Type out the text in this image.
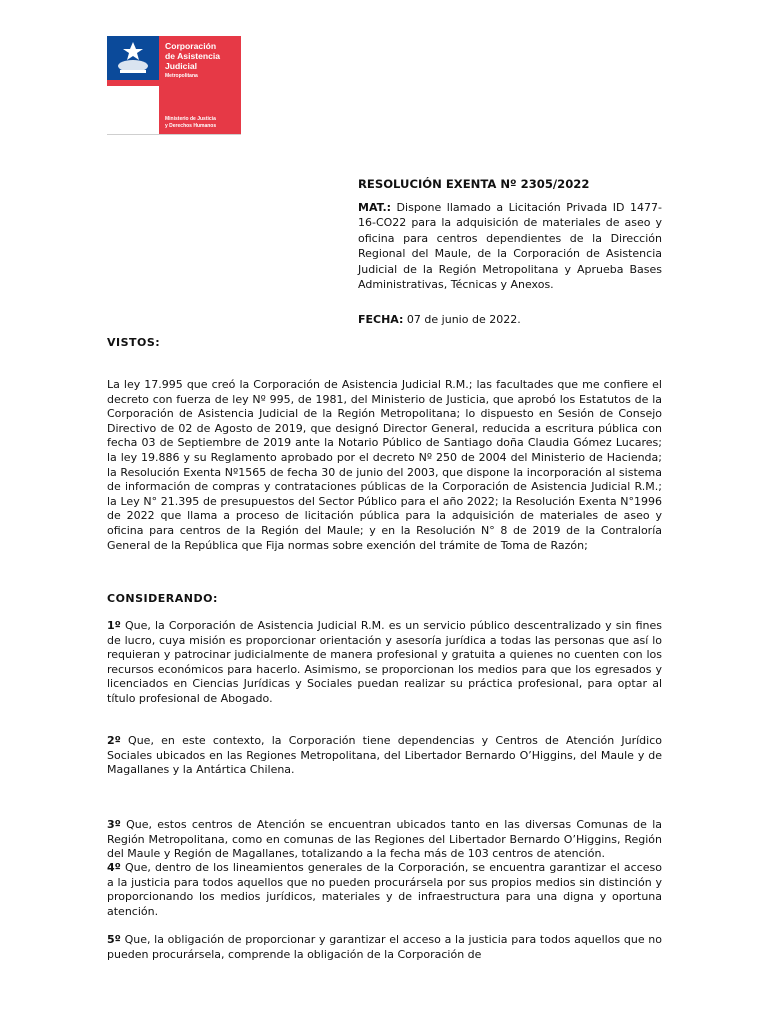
Corporación
de Asistencia
Judicial
Metropolitana
Ministerio de Justicia
y Derechos Humanos
RESOLUCIÓN EXENTA Nº 2305/2022
MAT.: Dispone llamado a Licitación Privada ID 1477-16-CO22 para la adquisición de materiales de aseo y oficina para centros dependientes de la Dirección Regional del Maule, de la Corporación de Asistencia Judicial de la Región Metropolitana y Aprueba Bases Administrativas, Técnicas y Anexos.
FECHA: 07 de junio de 2022.
VISTOS:

La ley 17.995 que creó la Corporación de Asistencia Judicial R.M.; las facultades que me confiere el decreto con fuerza de ley Nº 995, de 1981, del Ministerio de Justicia, que aprobó los Estatutos de la Corporación de Asistencia Judicial de la Región Metropolitana; lo dispuesto en Sesión de Consejo Directivo de 02 de Agosto de 2019, que designó Director General, reducida a escritura pública con fecha 03 de Septiembre de 2019 ante la Notario Público de Santiago doña Claudia Gómez Lucares; la ley 19.886 y su Reglamento aprobado por el decreto Nº 250 de 2004 del Ministerio de Hacienda; la Resolución Exenta Nº1565 de fecha 30 de junio del 2003, que dispone la incorporación al sistema de información de compras y contrataciones públicas de la Corporación de Asistencia Judicial R.M.; la Ley N° 21.395 de presupuestos del Sector Público para el año 2022; la Resolución Exenta N°1996 de 2022 que llama a proceso de licitación pública para la adquisición de materiales de aseo y oficina para centros de la Región del Maule; y en la Resolución N° 8 de 2019 de la Contraloría General de la República que Fija normas sobre exención del trámite de Toma de Razón;

CONSIDERANDO:

1º Que, la Corporación de Asistencia Judicial R.M. es un servicio público descentralizado y sin fines de lucro, cuya misión es proporcionar orientación y asesoría jurídica a todas las personas que así lo requieran y patrocinar judicialmente de manera profesional y gratuita a quienes no cuenten con los recursos económicos para hacerlo. Asimismo, se proporcionan los medios para que los egresados y licenciados en Ciencias Jurídicas y Sociales puedan realizar su práctica profesional, para optar al título profesional de Abogado.

2º Que, en este contexto, la Corporación tiene dependencias y Centros de Atención Jurídico Sociales ubicados en las Regiones Metropolitana, del Libertador Bernardo O’Higgins, del Maule y de Magallanes y la Antártica Chilena.

3º Que, estos centros de Atención se encuentran ubicados tanto en las diversas Comunas de la Región Metropolitana, como en comunas de las Regiones del Libertador Bernardo O’Higgins, Región del Maule y Región de Magallanes, totalizando a la fecha más de 103 centros de atención.

4º Que, dentro de los lineamientos generales de la Corporación, se encuentra garantizar el acceso a la justicia para todos aquellos que no pueden procurársela por sus propios medios sin distinción y proporcionando los medios jurídicos, materiales y de infraestructura para una digna y oportuna atención.

5º Que, la obligación de proporcionar y garantizar el acceso a la justicia para todos aquellos que no pueden procurársela, comprende la obligación de la Corporación de
